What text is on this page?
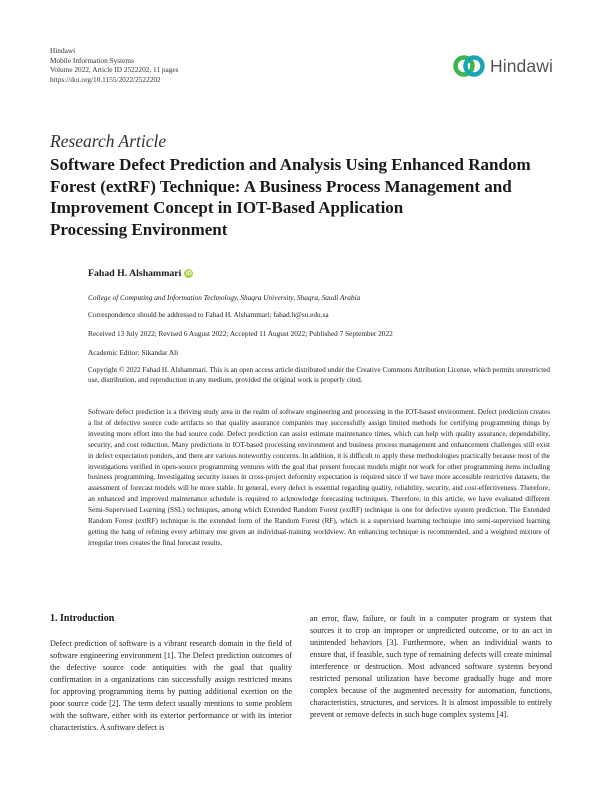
Hindawi
Mobile Information Systems
Volume 2022, Article ID 2522202, 11 pages
https://doi.org/10.1155/2022/2522202
Hindawi
Research Article
Software Defect Prediction and Analysis Using Enhanced Random
Forest (extRF) Technique: A Business Process Management and
Improvement Concept in IOT-Based Application
Processing Environment
Fahad H. Alshammari iD
College of Computing and Information Technology, Shaqra University, Shaqra, Saudi Arabia
Correspondence should be addressed to Fahad H. Alshammari; fahad.h@su.edu.sa
Received 13 July 2022; Revised 6 August 2022; Accepted 11 August 2022; Published 7 September 2022
Academic Editor: Sikandar Ali

Copyright © 2022 Fahad H. Alshammari. This is an open access article distributed under the Creative Commons Attribution License, which permits unrestricted use, distribution, and reproduction in any medium, provided the original work is properly cited.

Software defect prediction is a thriving study area in the realm of software engineering and processing in the IOT-based environment. Defect prediction creates a list of defective source code artifacts so that quality assurance companies may successfully assign limited methods for certifying programming things by investing more effort into the bad source code. Defect prediction can assist estimate maintenance times, which can help with quality assurance, dependability, security, and cost reduction. Many predictions in IOT-based processing environment and business process management and enhancement challenges still exist in defect expectation ponders, and there are various noteworthy concerns. In addition, it is difficult to apply these methodologies practically because most of the investigations verified in open-source programming ventures with the goal that present forecast models might not work for other programming items including business programming. Investigating security issues in cross-project deformity expectation is required since if we have more accessible restrictive datasets, the assessment of forecast models will be more stable. In general, every defect is essential regarding quality, reliability, security, and cost-effectiveness. Therefore, an enhanced and improved maintenance schedule is required to acknowledge forecasting techniques. Therefore, in this article, we have evaluated different Semi-Supervised Learning (SSL) techniques, among which Extended Random Forest (extRF) technique is one for defective system prediction. The Extended Random Forest (extRF) technique is the extended form of the Random Forest (RF), which is a supervised learning technique into semi-supervised learning getting the hang of refining every arbitrary tree given an individual-training worldview. An enhancing technique is recommended, and a weighted mixture of irregular trees creates the final forecast results.

1. Introduction

Defect prediction of software is a vibrant research domain in the field of software engineering environment [1]. The Defect prediction outcomes of the defective source code antiquities with the goal that quality confirmation in a organizations can successfully assign restricted means for approving programming items by putting additional exertion on the poor source code [2]. The term defect usually mentions to some problem with the software, either with its exterior performance or with its interior characteristics. A software defect is

an error, flaw, failure, or fault in a computer program or system that sources it to crop an improper or unpredicted outcome, or to an act in unintended behaviors [3]. Furthermore, when an individual wants to ensure that, if feasible, such type of remaining defects will create minimal interference or destruction. Most advanced software systems beyond restricted personal utilization have become gradually huge and more complex because of the augmented necessity for automation, functions, characteristics, structures, and services. It is almost impossible to entirely prevent or remove defects in such huge complex systems [4].
